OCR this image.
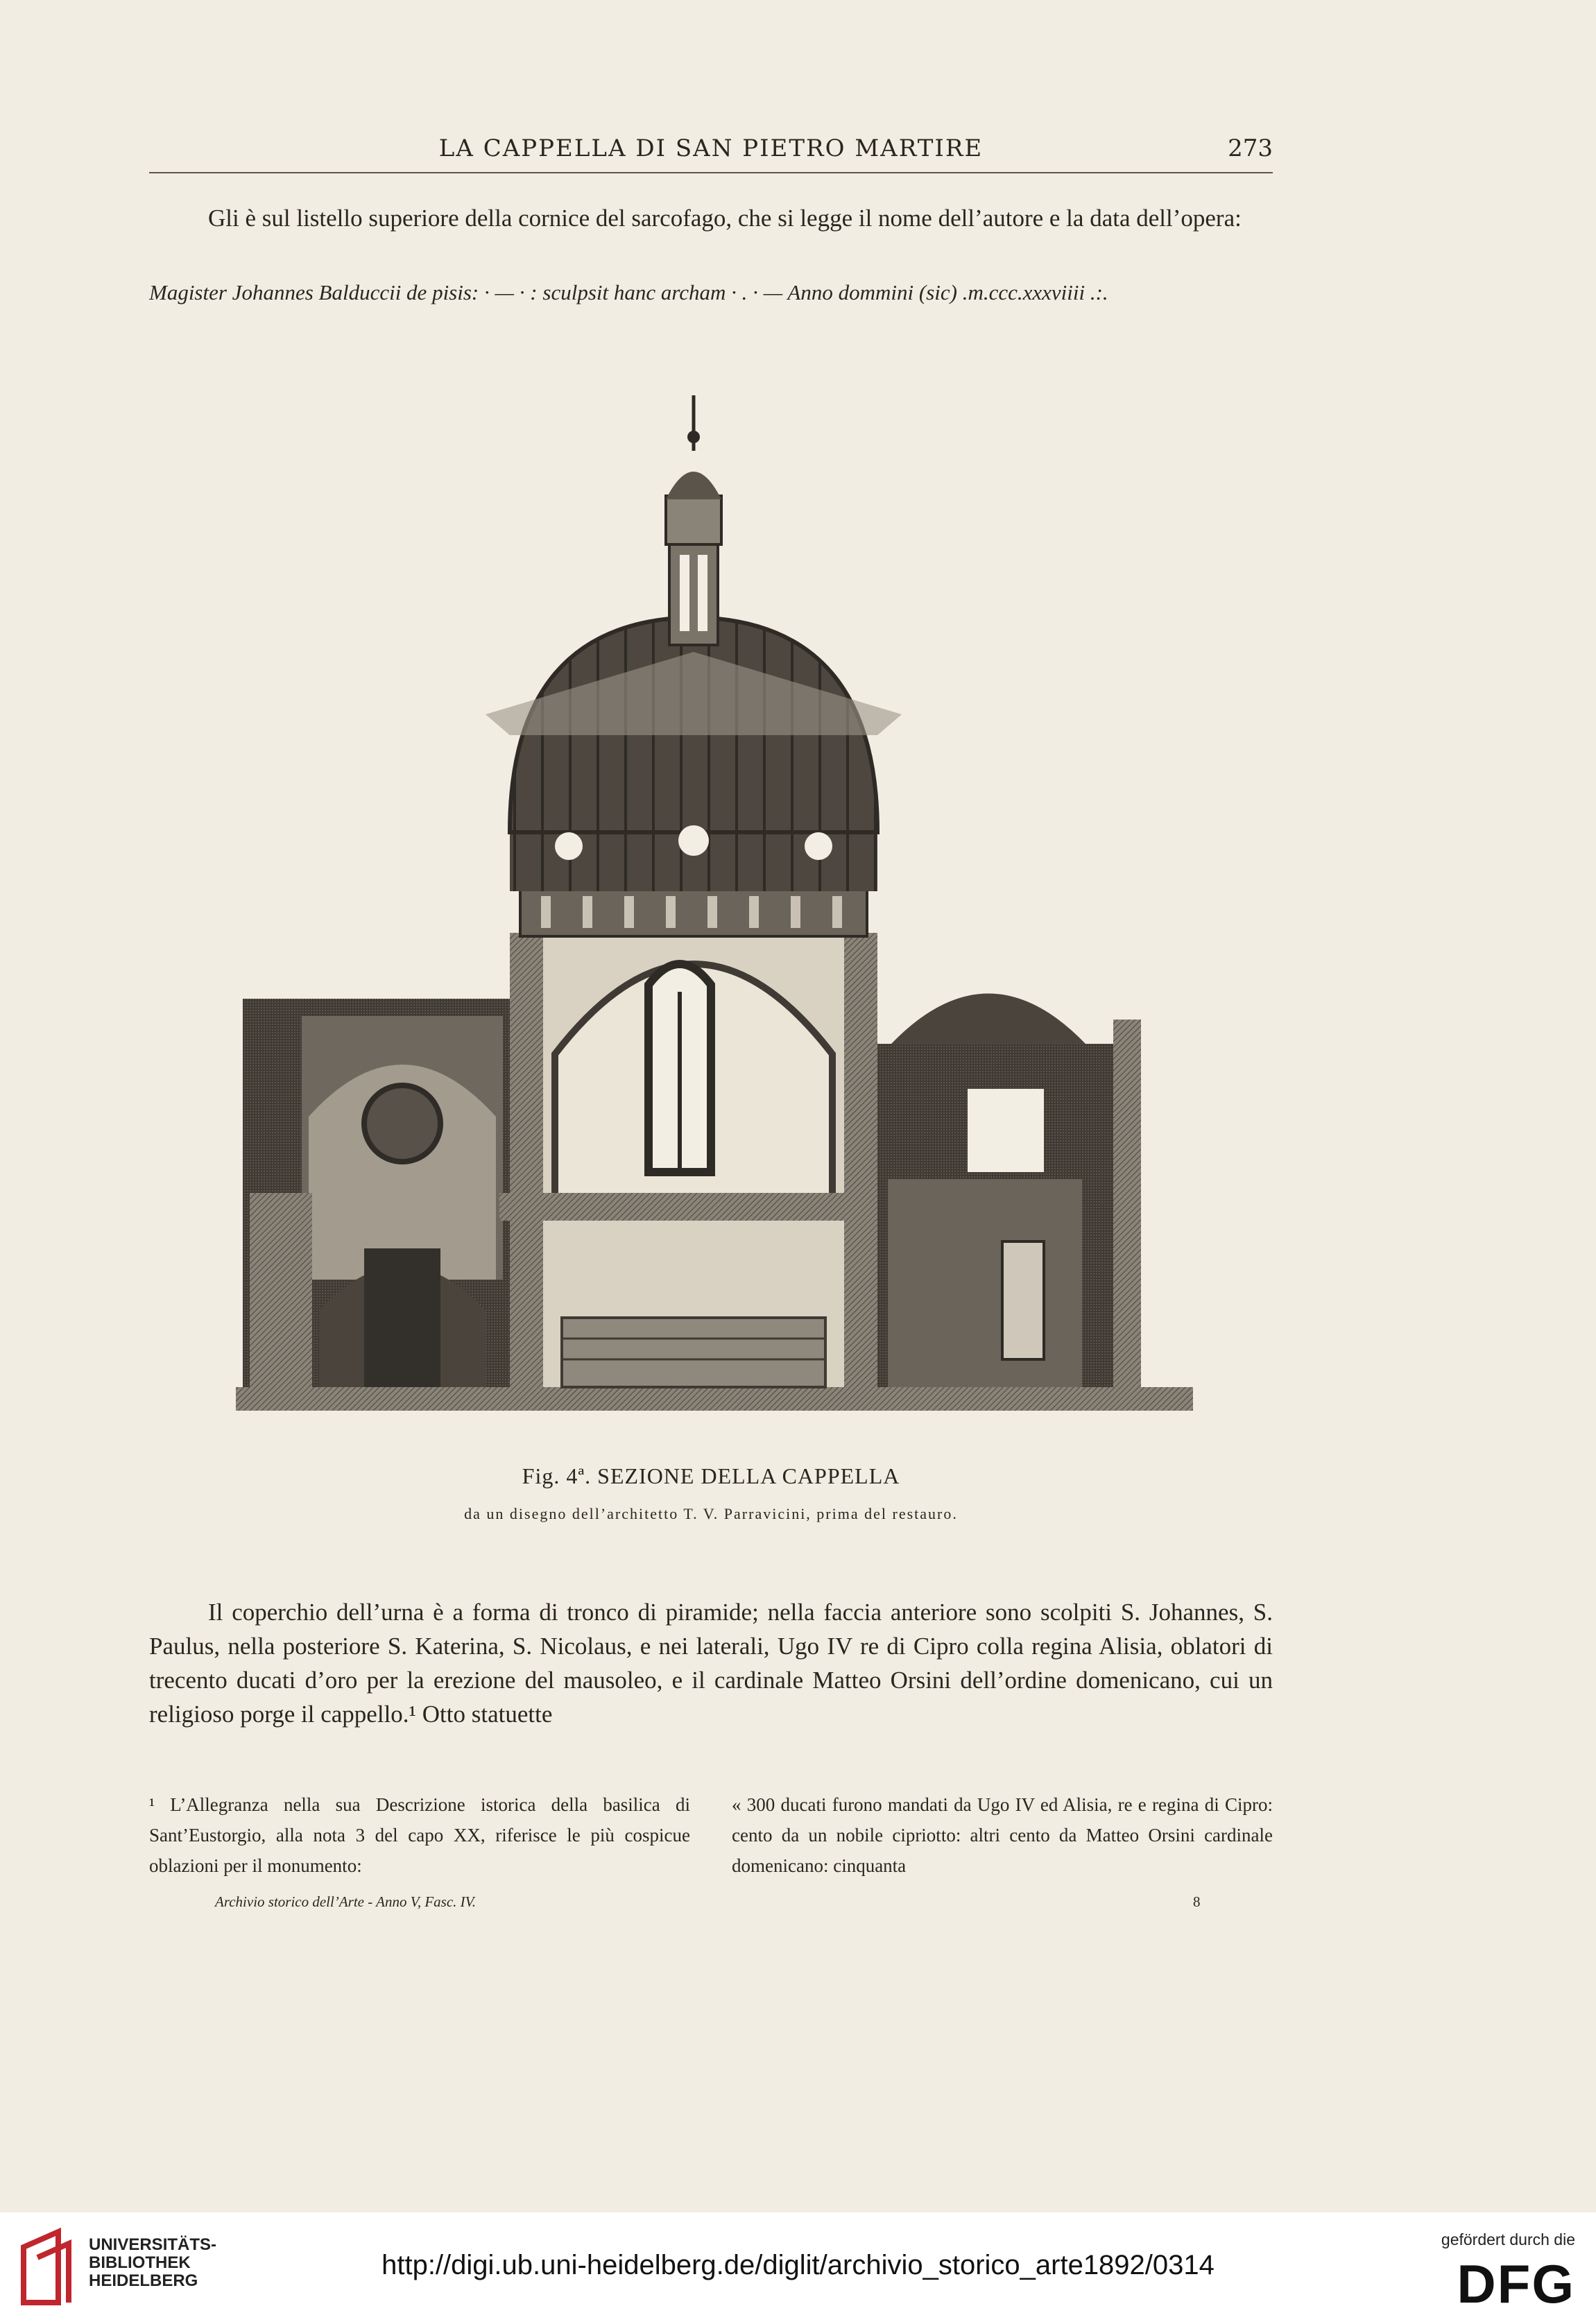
LA CAPPELLA DI SAN PIETRO MARTIRE	273
Gli è sul listello superiore della cornice del sarcofago, che si legge il nome dell’autore e la data dell’opera:
Magister Johannes Balduccii de pisis: · — · : sculpsit hanc archam · . · — Anno dommini (sic) .m.ccc.xxxviiii .:.
Fig. 4ª. SEZIONE DELLA CAPPELLA
da un disegno dell’architetto T. V. Parravicini, prima del restauro.
Il coperchio dell’urna è a forma di tronco di piramide; nella faccia anteriore sono scolpiti S. Johannes, S. Paulus, nella posteriore S. Katerina, S. Nicolaus, e nei laterali, Ugo IV re di Cipro colla regina Alisia, oblatori di trecento ducati d’oro per la erezione del mausoleo, e il cardinale Matteo Orsini dell’ordine domenicano, cui un religioso porge il cappello.¹ Otto statuette
¹ L’Allegranza nella sua Descrizione istorica della basilica di Sant’Eustorgio, alla nota 3 del capo XX, riferisce le più cospicue oblazioni per il monumento:
« 300 ducati furono mandati da Ugo IV ed Alisia, re e regina di Cipro: cento da un nobile cipriotto: altri cento da Matteo Orsini cardinale domenicano: cinquanta
Archivio storico dell’Arte - Anno V, Fasc. IV.	8
UNIVERSITÄTS-
BIBLIOTHEK
HEIDELBERG
http://digi.ub.uni-heidelberg.de/diglit/archivio_storico_arte1892/0314
gefördert durch die
DFG
